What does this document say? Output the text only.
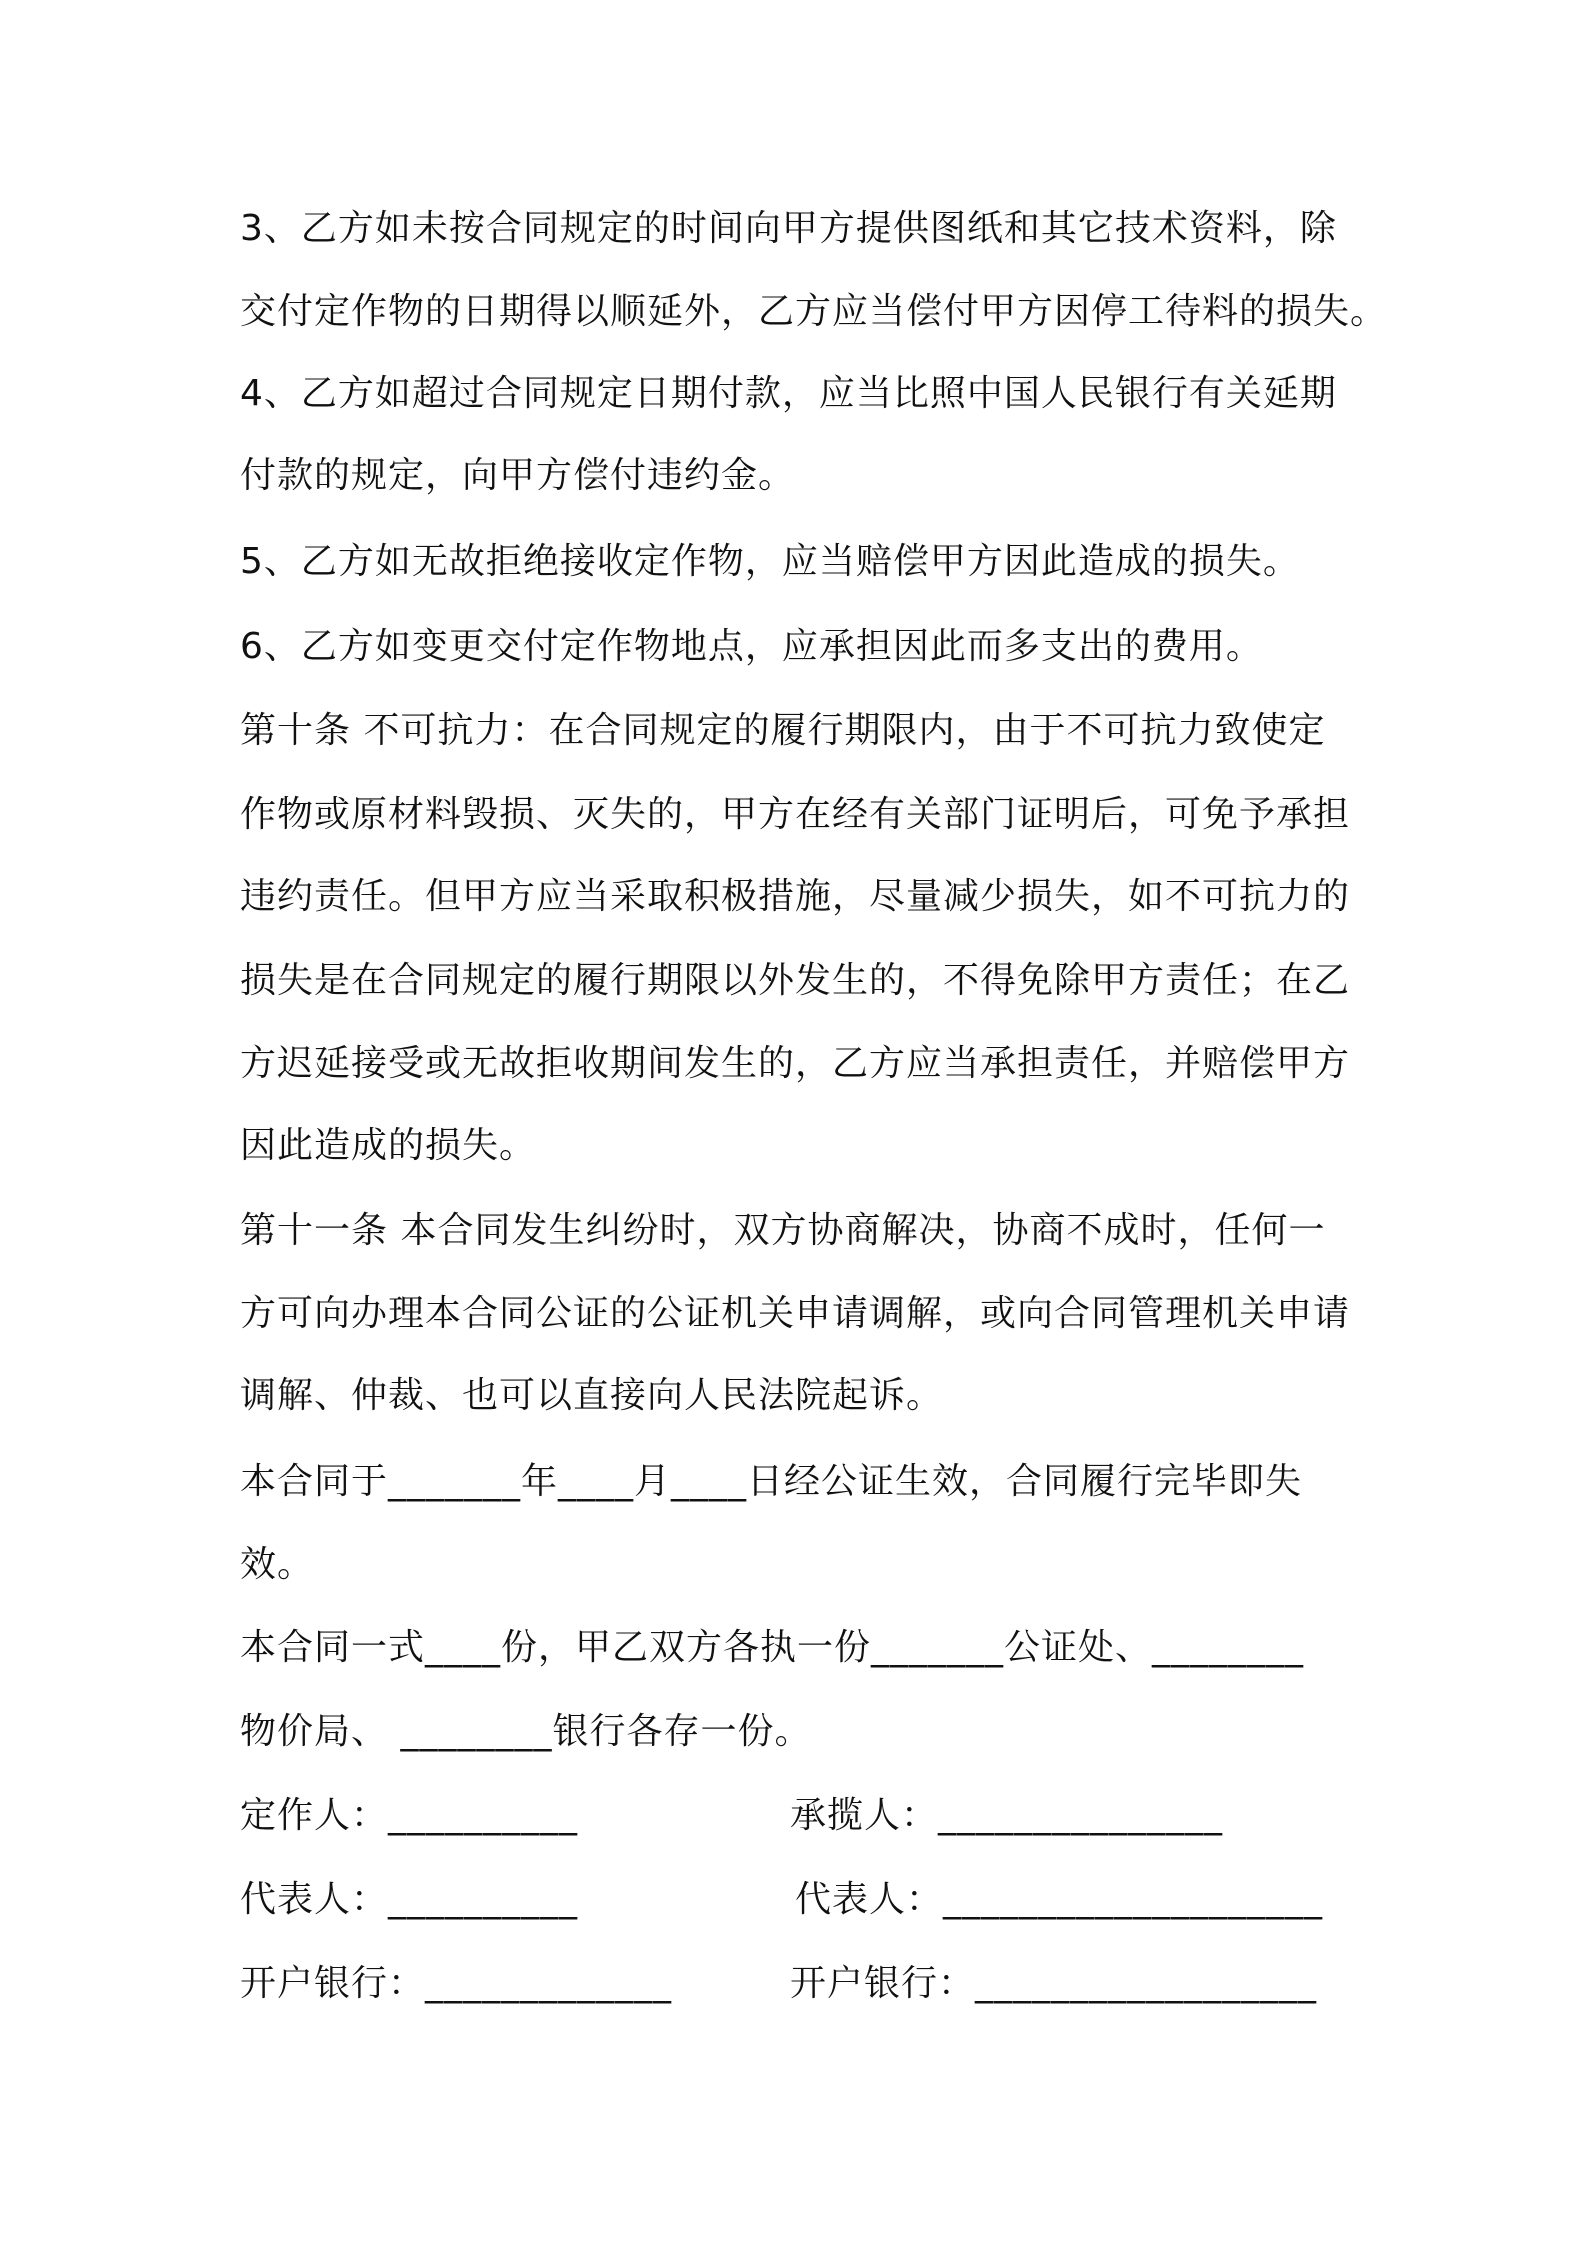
3、乙方如未按合同规定的时间向甲方提供图纸和其它技术资料，除
交付定作物的日期得以顺延外，乙方应当偿付甲方因停工待料的损失。
4、乙方如超过合同规定日期付款，应当比照中国人民银行有关延期
付款的规定，向甲方偿付违约金。
5、乙方如无故拒绝接收定作物，应当赔偿甲方因此造成的损失。
6、乙方如变更交付定作物地点，应承担因此而多支出的费用。
第十条 不可抗力：在合同规定的履行期限内，由于不可抗力致使定
作物或原材料毁损、灭失的，甲方在经有关部门证明后，可免予承担
违约责任。但甲方应当采取积极措施，尽量减少损失，如不可抗力的
损失是在合同规定的履行期限以外发生的，不得免除甲方责任；在乙
方迟延接受或无故拒收期间发生的，乙方应当承担责任，并赔偿甲方
因此造成的损失。
第十一条 本合同发生纠纷时，双方协商解决，协商不成时，任何一
方可向办理本合同公证的公证机关申请调解，或向合同管理机关申请
调解、仲裁、也可以直接向人民法院起诉。
本合同于_______年____月____日经公证生效，合同履行完毕即失
效。
本合同一式____份，甲乙双方各执一份_______公证处、________
物价局、 ________银行各存一份。
定作人：__________	承揽人：_______________
代表人：__________	代表人：____________________
开户银行：_____________	开户银行：__________________
